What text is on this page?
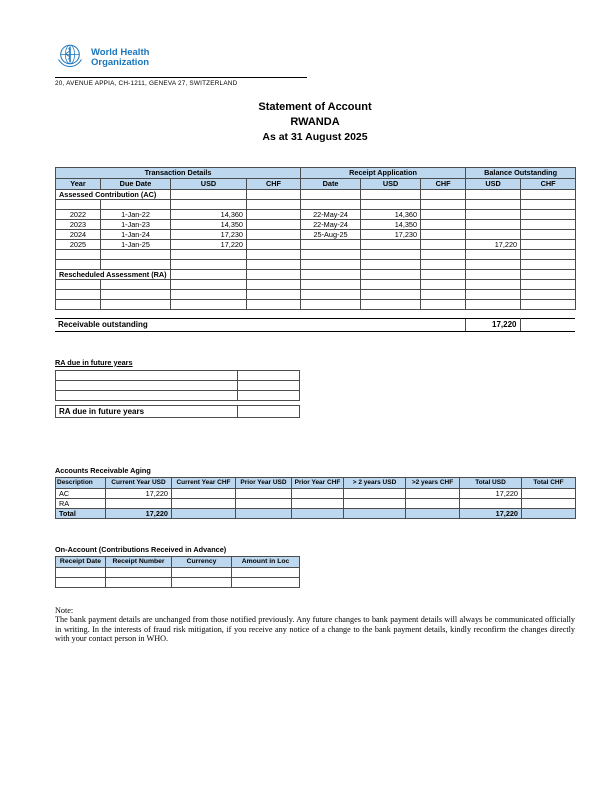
World Health
Organization
20, AVENUE APPIA, CH-1211, GENEVA 27, SWITZERLAND
Statement of Account
RWANDA
As at 31 August 2025
Transaction Details				Receipt Application			Balance Outstanding	
Year	Due Date	USD	CHF	Date	USD	CHF	USD	CHF
Assessed Contribution (AC)								

2022	1-Jan-22	14,360		22-May-24	14,360			
2023	1-Jan-23	14,350		22-May-24	14,350			
2024	1-Jan-24	17,230		25-Aug-25	17,230			
2025	1-Jan-25	17,220					17,220	

Rescheduled Assessment (RA)								

Receivable outstanding	17,220	
RA due in future years

RA due in future years	
Accounts Receivable Aging
Description	Current Year USD	Current Year CHF	Prior Year USD	Prior Year CHF	> 2 years USD	>2 years CHF	Total USD	Total CHF
AC	17,220						17,220	
RA								
Total	17,220						17,220	
On-Account (Contributions Received in Advance)
Receipt Date	Receipt Number	Currency	Amount in Loc

Note:
The bank payment details are unchanged from those notified previously. Any future changes to bank payment details will always be communicated officially in writing. In the interests of fraud risk mitigation, if you receive any notice of a change to the bank payment details, kindly reconfirm the changes directly with your contact person in WHO.
